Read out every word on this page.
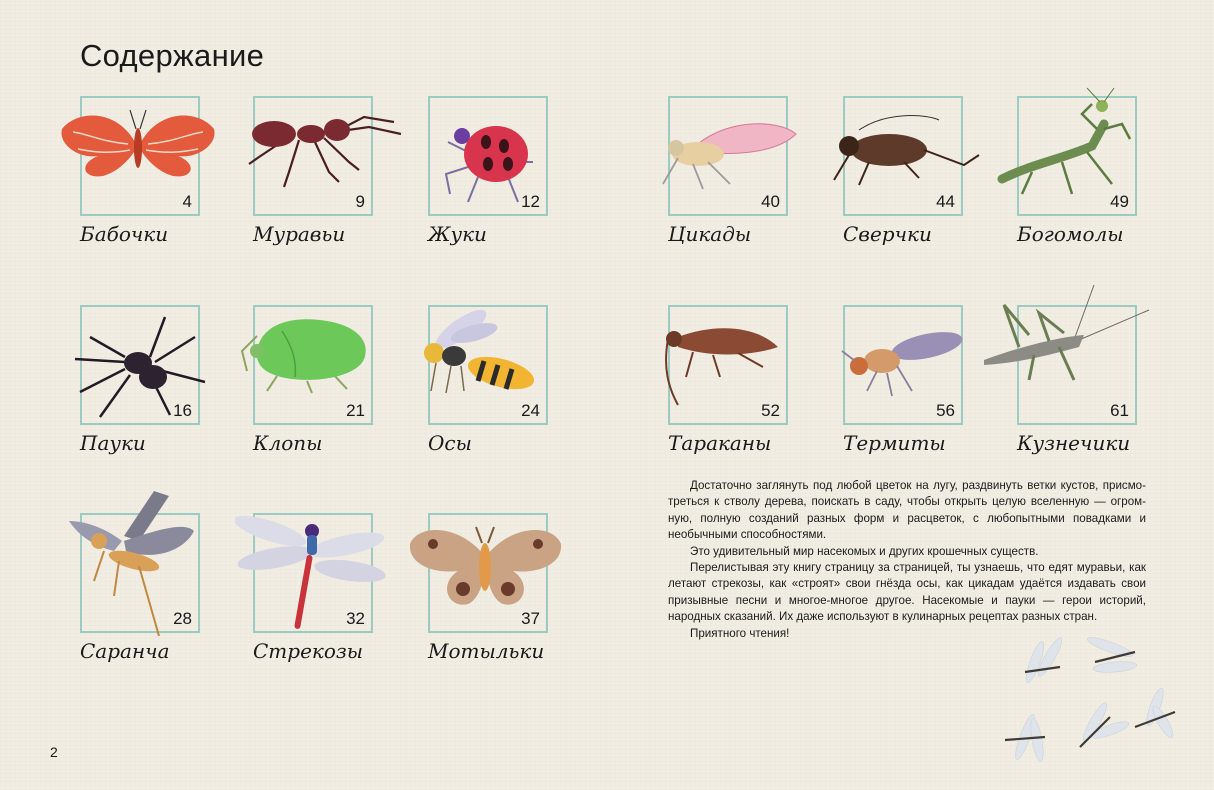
Содержание
4
Бабочки
9
Муравьи
12
Жуки
40
Цикады
44
Сверчки
49
Богомолы
16
Пауки
21
Клопы
24
Осы
52
Тараканы
56
Термиты
61
Кузнечики
28
Саранча
32
Стрекозы
37
Мотыльки

Достаточно заглянуть под любой цветок на лугу, раздвинуть ветки кустов, присмо-тpеться к стволу дерева, поискать в саду, чтобы открыть целую вселенную — огром-ную, полную созданий разных форм и расцветок, с любопытными повадками и необычными способностями.

Это удивительный мир насекомых и других крошечных существ.

Перелистывая эту книгу страницу за страницей, ты узнаешь, что едят муравьи, как летают стрекозы, как «строят» свои гнёзда осы, как цикадам удаётся издавать свои призывные песни и многое-многое другое. Насекомые и пауки — герои историй, народных сказаний. Их даже используют в кулинарных рецептах разных стран.

Приятного чтения!

2
